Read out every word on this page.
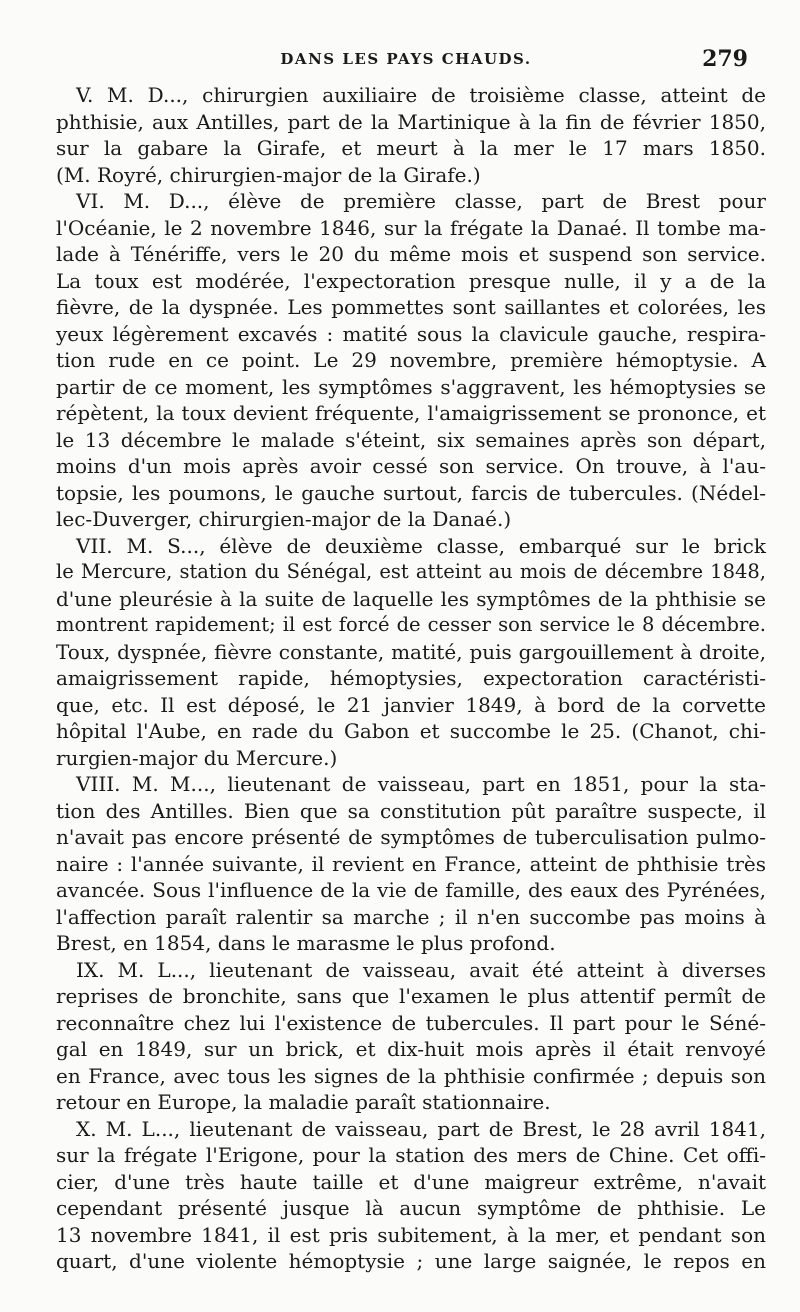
DANS LES PAYS CHAUDS.	279
V. M. D..., chirurgien auxiliaire de troisième classe, atteint de
phthisie, aux Antilles, part de la Martinique à la fin de février 1850,
sur la gabare la Girafe, et meurt à la mer le 17 mars 1850.
(M. Royré, chirurgien-major de la Girafe.)
VI. M. D..., élève de première classe, part de Brest pour
l'Océanie, le 2 novembre 1846, sur la frégate la Danaé. Il tombe ma-
lade à Ténériffe, vers le 20 du même mois et suspend son service.
La toux est modérée, l'expectoration presque nulle, il y a de la
fièvre, de la dyspnée. Les pommettes sont saillantes et colorées, les
yeux légèrement excavés : matité sous la clavicule gauche, respira-
tion rude en ce point. Le 29 novembre, première hémoptysie. A
partir de ce moment, les symptômes s'aggravent, les hémoptysies se
répètent, la toux devient fréquente, l'amaigrissement se prononce, et
le 13 décembre le malade s'éteint, six semaines après son départ,
moins d'un mois après avoir cessé son service. On trouve, à l'au-
topsie, les poumons, le gauche surtout, farcis de tubercules. (Nédel-
lec-Duverger, chirurgien-major de la Danaé.)
VII. M. S..., élève de deuxième classe, embarqué sur le brick
le Mercure, station du Sénégal, est atteint au mois de décembre 1848,
d'une pleurésie à la suite de laquelle les symptômes de la phthisie se
montrent rapidement; il est forcé de cesser son service le 8 décembre.
Toux, dyspnée, fièvre constante, matité, puis gargouillement à droite,
amaigrissement rapide, hémoptysies, expectoration caractéristi-
que, etc. Il est déposé, le 21 janvier 1849, à bord de la corvette
hôpital l'Aube, en rade du Gabon et succombe le 25. (Chanot, chi-
rurgien-major du Mercure.)
VIII. M. M..., lieutenant de vaisseau, part en 1851, pour la sta-
tion des Antilles. Bien que sa constitution pût paraître suspecte, il
n'avait pas encore présenté de symptômes de tuberculisation pulmo-
naire : l'année suivante, il revient en France, atteint de phthisie très
avancée. Sous l'influence de la vie de famille, des eaux des Pyrénées,
l'affection paraît ralentir sa marche ; il n'en succombe pas moins à
Brest, en 1854, dans le marasme le plus profond.
IX. M. L..., lieutenant de vaisseau, avait été atteint à diverses
reprises de bronchite, sans que l'examen le plus attentif permît de
reconnaître chez lui l'existence de tubercules. Il part pour le Séné-
gal en 1849, sur un brick, et dix-huit mois après il était renvoyé
en France, avec tous les signes de la phthisie confirmée ; depuis son
retour en Europe, la maladie paraît stationnaire.
X. M. L..., lieutenant de vaisseau, part de Brest, le 28 avril 1841,
sur la frégate l'Erigone, pour la station des mers de Chine. Cet offi-
cier, d'une très haute taille et d'une maigreur extrême, n'avait
cependant présenté jusque là aucun symptôme de phthisie. Le
13 novembre 1841, il est pris subitement, à la mer, et pendant son
quart, d'une violente hémoptysie ; une large saignée, le repos en
